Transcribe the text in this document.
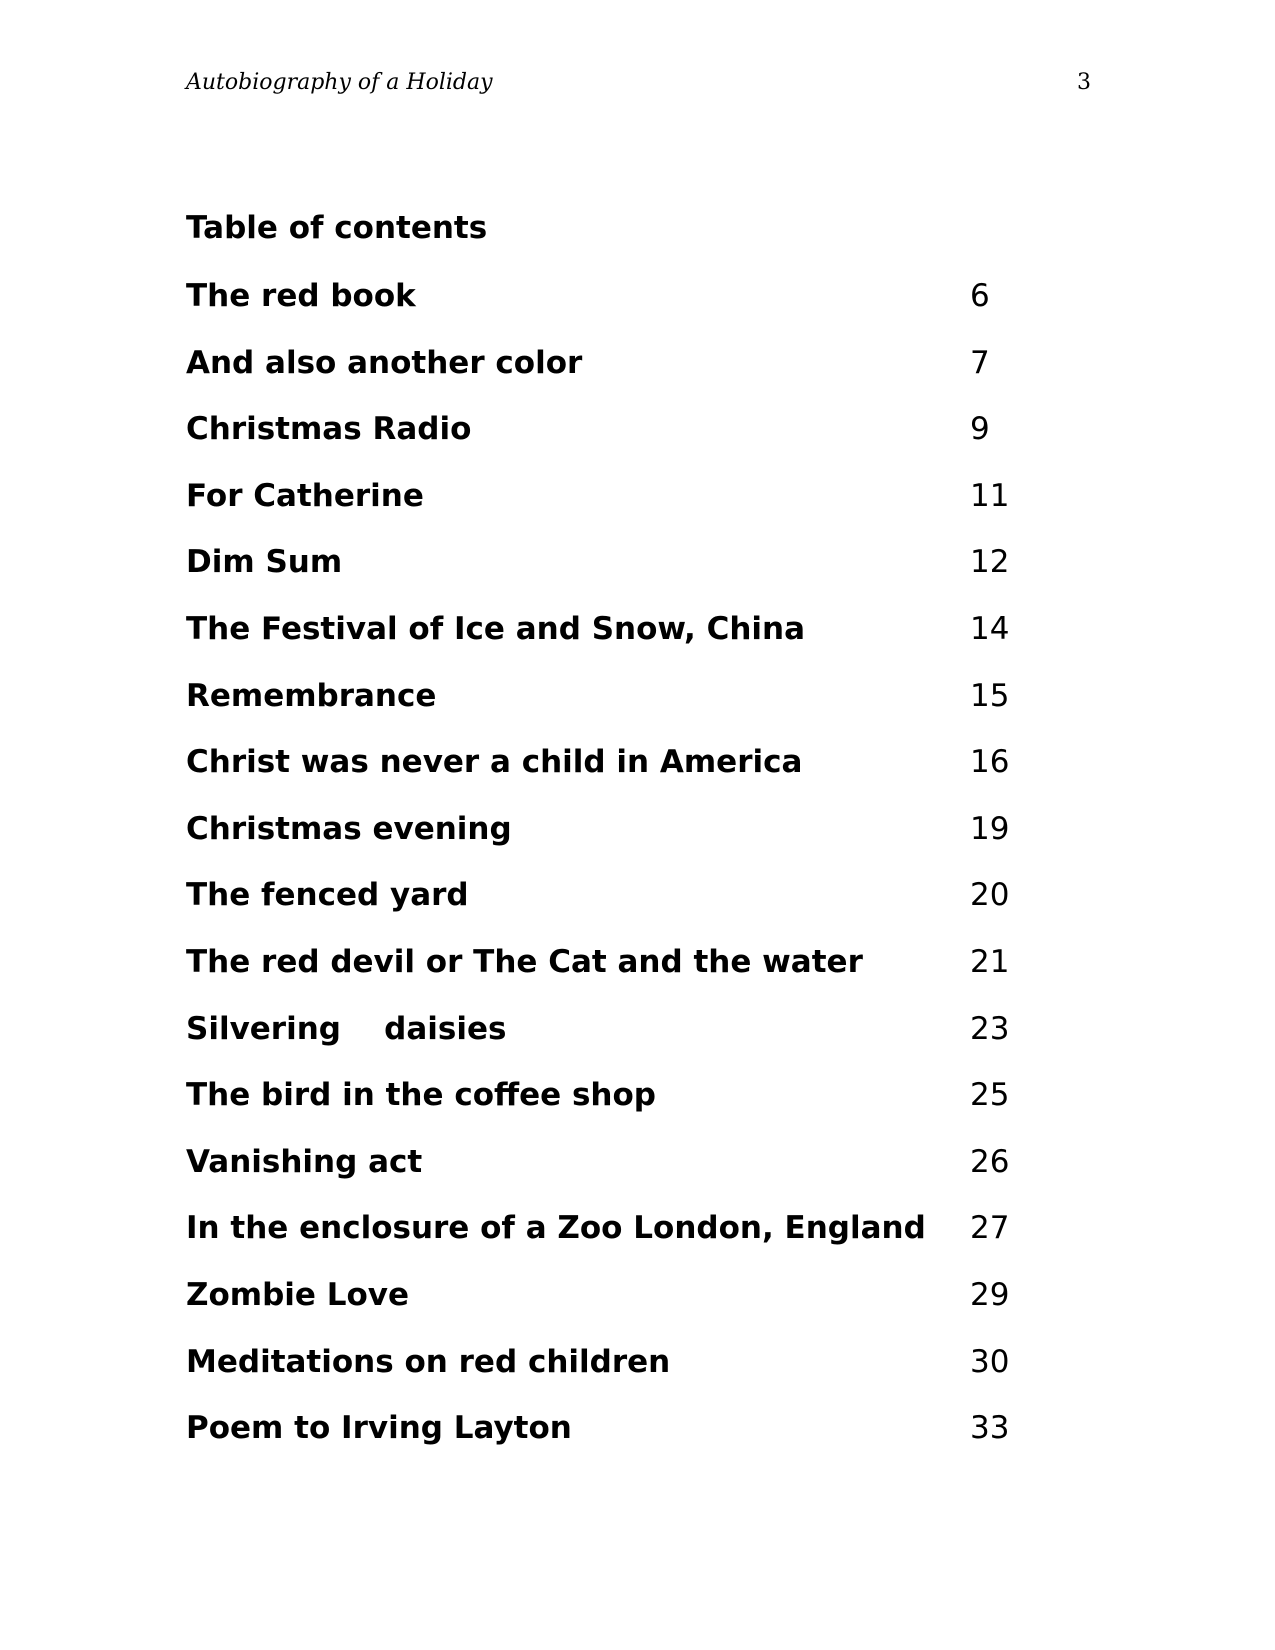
Autobiography of a Holiday	3
Table of contents
The red book	6
And also another color	7
Christmas Radio	9
For Catherine	11
Dim Sum	12
The Festival of Ice and Snow, China	14
Remembrance	15
Christ was never a child in America	16
Christmas evening	19
The fenced yard	20
The red devil or The Cat and the water	21
Silvering    daisies	23
The bird in the coffee shop	25
Vanishing act	26
In the enclosure of a Zoo London, England 27
Zombie Love	29
Meditations on red children	30
Poem to Irving Layton	33
